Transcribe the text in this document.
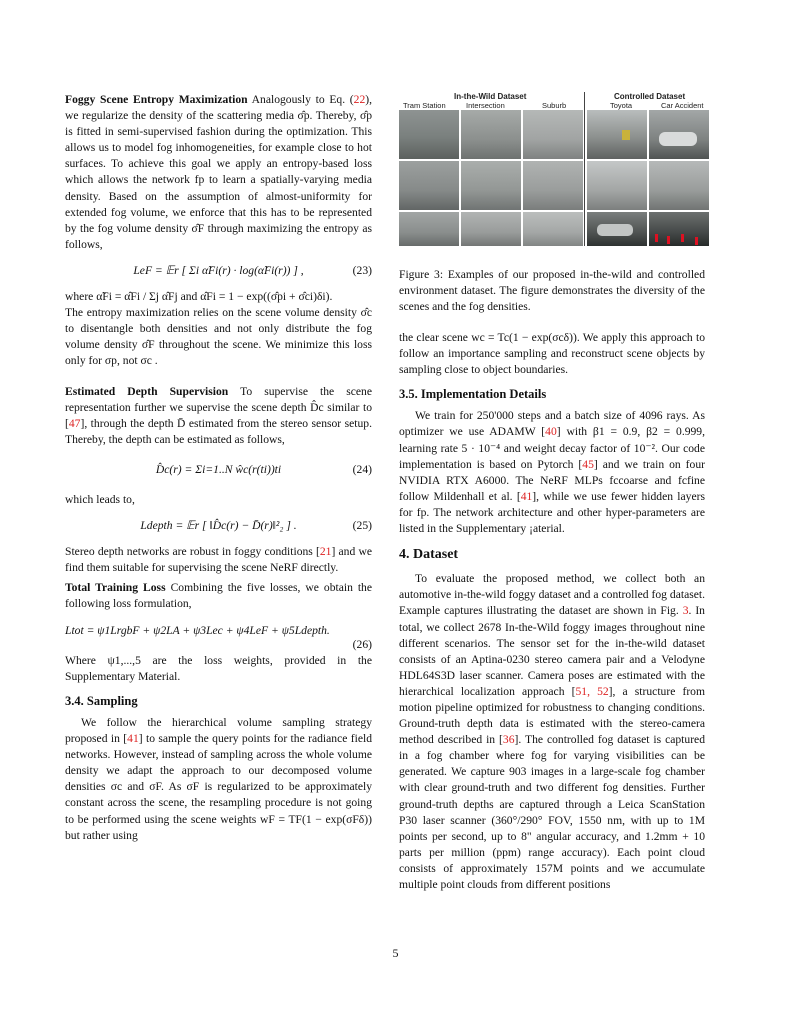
Foggy Scene Entropy Maximization Analogously to Eq. (22), we regularize the density of the scattering media σ̂p. Thereby, σ̂p is fitted in semi-supervised fashion during the optimization. This allows us to model fog inhomogeneities, for example close to hot surfaces. To achieve this goal we apply an entropy-based loss which allows the network fp to learn a spatially-varying media density. Based on the assumption of almost-uniformity for extended fog volume, we enforce that this has to be represented by the fog volume density σ̂F through maximizing the entropy as follows,

LeF = 𝔼r [ Σi α̃Fi(r) · log(α̃Fi(r)) ] ,	(23)

where α̃Fi = α̂Fi / Σj α̂Fj and α̂Fi = 1 − exp((σ̂pi + σ̂ci)δi).

The entropy maximization relies on the scene volume density σ̂c to disentangle both densities and not only distribute the fog volume density σ̂F throughout the scene. We minimize this loss only for σp, not σc .

Estimated Depth Supervision To supervise the scene representation further we supervise the scene depth D̂c similar to [47], through the depth D̄ estimated from the stereo sensor setup. Thereby, the depth can be estimated as follows,

D̂c(r) = Σi=1..N ŵc(r(ti))ti	(24)

which leads to,

Ldepth = 𝔼r [ ‖D̂c(r) − D̄(r)‖²₂ ] .	(25)

Stereo depth networks are robust in foggy conditions [21] and we find them suitable for supervising the scene NeRF directly.

Total Training Loss Combining the five losses, we obtain the following loss formulation,

Ltot = ψ1LrgbF + ψ2LA + ψ3Lec + ψ4LeF + ψ5Ldepth.
(26)

Where ψ1,...,5 are the loss weights, provided in the Supplementary Material.

3.4. Sampling

We follow the hierarchical volume sampling strategy proposed in [41] to sample the query points for the radiance field networks. However, instead of sampling across the whole volume density we adapt the approach to our decomposed volume densities σc and σF. As σF is regularized to be approximately constant across the scene, the resampling procedure is not going to be performed using the scene weights wF = TF(1 − exp(σFδ)) but rather using

In-the-Wild Dataset	Controlled Dataset
Tram Station	Intersection	Suburb	Toyota	Car Accident
Figure 3: Examples of our proposed in-the-wild and controlled environment dataset. The figure demonstrates the diversity of the scenes and the fog densities.

the clear scene wc = Tc(1 − exp(σcδ)). We apply this approach to follow an importance sampling and reconstruct scene objects by sampling close to object boundaries.

3.5. Implementation Details

We train for 250'000 steps and a batch size of 4096 rays. As optimizer we use ADAMW [40] with β1 = 0.9, β2 = 0.999, learning rate 5 · 10⁻⁴ and weight decay factor of 10⁻². Our code implementation is based on Pytorch [45] and we train on four NVIDIA RTX A6000. The NeRF MLPs fccoarse and fcfine follow Mildenhall et al. [41], while we use fewer hidden layers for fp. The network architecture and other hyper-parameters are listed in the Supplementary ¡aterial.

4. Dataset

To evaluate the proposed method, we collect both an automotive in-the-wild foggy dataset and a controlled fog dataset. Example captures illustrating the dataset are shown in Fig. 3. In total, we collect 2678 In-the-Wild foggy images throughout nine different scenarios. The sensor set for the in-the-wild dataset consists of an Aptina-0230 stereo camera pair and a Velodyne HDL64S3D laser scanner. Camera poses are estimated with the hierarchical localization approach [51, 52], a structure from motion pipeline optimized for robustness to changing conditions. Ground-truth depth data is estimated with the stereo-camera method described in [36]. The controlled fog dataset is captured in a fog chamber where fog for varying visibilities can be generated. We capture 903 images in a large-scale fog chamber with clear ground-truth and two different fog densities. Further ground-truth depths are captured through a Leica ScanStation P30 laser scanner (360°/290° FOV, 1550 nm, with up to 1M points per second, up to 8" angular accuracy, and 1.2mm + 10 parts per million (ppm) range accuracy). Each point cloud consists of approximately 157M points and we accumulate multiple point clouds from different positions

5
